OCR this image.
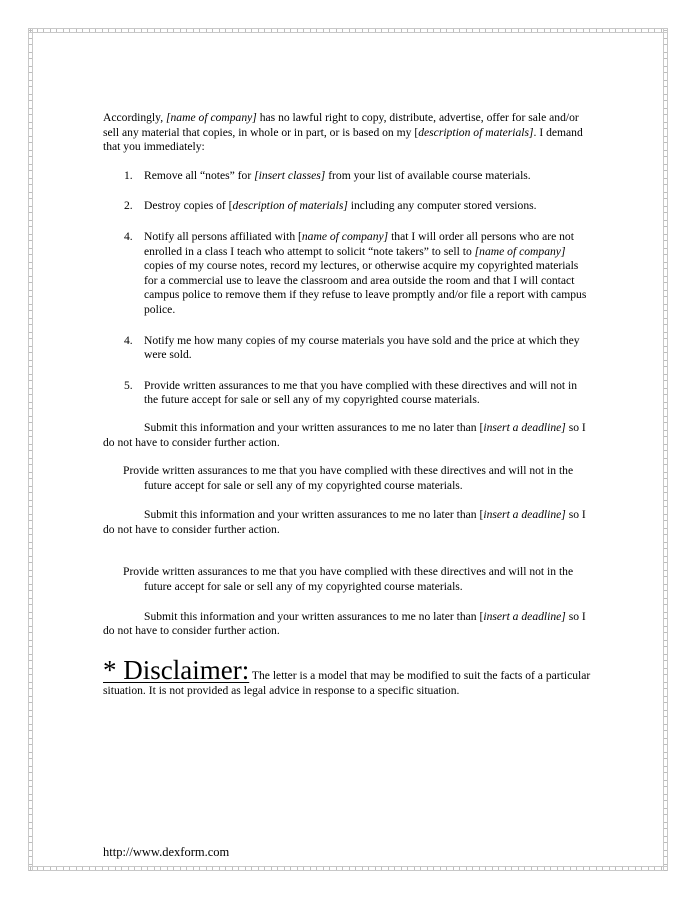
Accordingly, [name of company] has no lawful right to copy, distribute, advertise, offer for sale and/or sell any material that copies, in whole or in part, or is based on my [description of materials]. I demand that you immediately:

1. Remove all “notes” for [insert classes] from your list of available course materials.
2. Destroy copies of [description of materials] including any computer stored versions.
4. Notify all persons affiliated with [name of company] that I will order all persons who are not enrolled in a class I teach who attempt to solicit “note takers” to sell to [name of company] copies of my course notes, record my lectures, or otherwise acquire my copyrighted materials for a commercial use to leave the classroom and area outside the room and that I will contact campus police to remove them if they refuse to leave promptly and/or file a report with campus police.
4. Notify me how many copies of my course materials you have sold and the price at which they were sold.
5. Provide written assurances to me that you have complied with these directives and will not in the future accept for sale or sell any of my copyrighted course materials.

Submit this information and your written assurances to me no later than [insert a deadline] so I do not have to consider further action.

Provide written assurances to me that you have complied with these directives and will not in the future accept for sale or sell any of my copyrighted course materials.

Submit this information and your written assurances to me no later than [insert a deadline] so I do not have to consider further action.

Provide written assurances to me that you have complied with these directives and will not in the future accept for sale or sell any of my copyrighted course materials.

Submit this information and your written assurances to me no later than [insert a deadline] so I do not have to consider further action.

* Disclaimer: The letter is a model that may be modified to suit the facts of a particular situation. It is not provided as legal advice in response to a specific situation.

http://www.dexform.com
